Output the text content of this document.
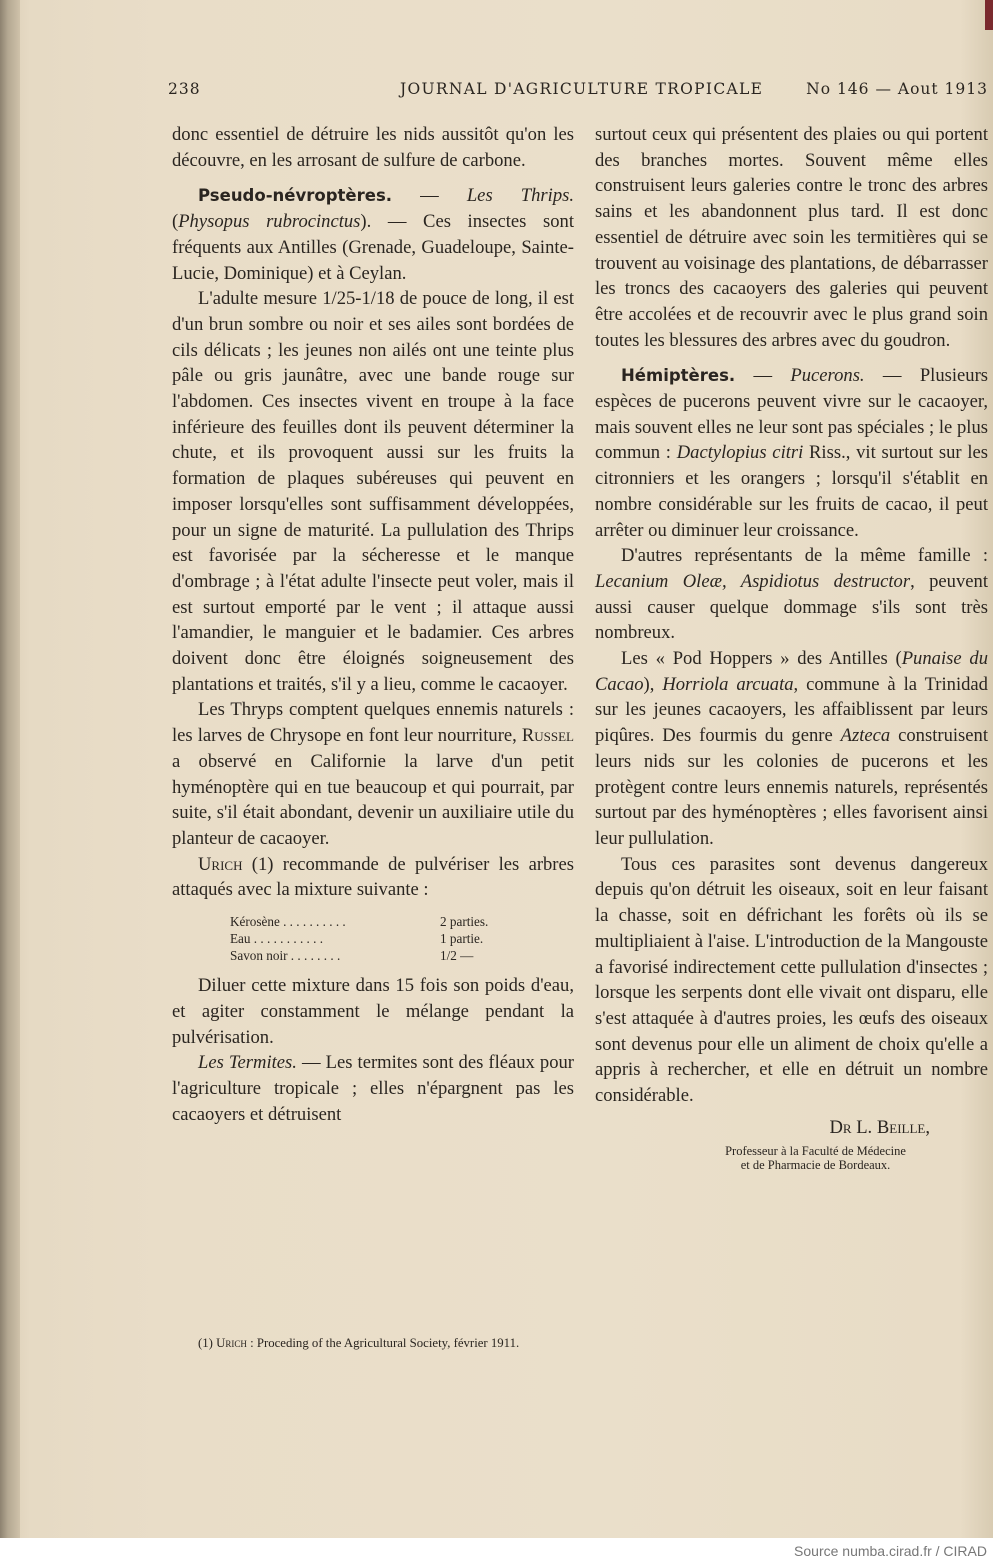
238	JOURNAL D'AGRICULTURE TROPICALE	No 146 — Aout 1913

donc essentiel de détruire les nids aussitôt qu'on les découvre, en les arrosant de sulfure de carbone.

Pseudo-névroptères. — Les Thrips. (Physopus rubrocinctus). — Ces insectes sont fréquents aux Antilles (Grenade, Guadeloupe, Sainte-Lucie, Dominique) et à Ceylan.

L'adulte mesure 1/25-1/18 de pouce de long, il est d'un brun sombre ou noir et ses ailes sont bordées de cils délicats ; les jeunes non ailés ont une teinte plus pâle ou gris jaunâtre, avec une bande rouge sur l'abdomen. Ces insectes vivent en troupe à la face inférieure des feuilles dont ils peuvent déterminer la chute, et ils provoquent aussi sur les fruits la formation de plaques subéreuses qui peuvent en imposer lorsqu'elles sont suffisamment développées, pour un signe de maturité. La pullulation des Thrips est favorisée par la sécheresse et le manque d'ombrage ; à l'état adulte l'insecte peut voler, mais il est surtout emporté par le vent ; il attaque aussi l'amandier, le manguier et le badamier. Ces arbres doivent donc être éloignés soigneusement des plantations et traités, s'il y a lieu, comme le cacaoyer.

Les Thryps comptent quelques ennemis naturels : les larves de Chrysope en font leur nourriture, Russel a observé en Californie la larve d'un petit hyménoptère qui en tue beaucoup et qui pourrait, par suite, s'il était abondant, devenir un auxiliaire utile du planteur de cacaoyer.

Urich (1) recommande de pulvériser les arbres attaqués avec la mixture suivante :

Kérosène . . . . . . . . . .	2 parties.
Eau . . . . . . . . . . .	1 partie.
Savon noir . . . . . . . .	1/2 —

Diluer cette mixture dans 15 fois son poids d'eau, et agiter constamment le mélange pendant la pulvérisation.

Les Termites. — Les termites sont des fléaux pour l'agriculture tropicale ; elles n'épargnent pas les cacaoyers et détruisent

(1) Urich : Proceding of the Agricultural Society, février 1911.

surtout ceux qui présentent des plaies ou qui portent des branches mortes. Souvent même elles construisent leurs galeries contre le tronc des arbres sains et les abandonnent plus tard. Il est donc essentiel de détruire avec soin les termitières qui se trouvent au voisinage des plantations, de débarrasser les troncs des cacaoyers des galeries qui peuvent être accolées et de recouvrir avec le plus grand soin toutes les blessures des arbres avec du goudron.

Hémiptères. — Pucerons. — Plusieurs espèces de pucerons peuvent vivre sur le cacaoyer, mais souvent elles ne leur sont pas spéciales ; le plus commun : Dactylopius citri Riss., vit surtout sur les citronniers et les orangers ; lorsqu'il s'établit en nombre considérable sur les fruits de cacao, il peut arrêter ou diminuer leur croissance.

D'autres représentants de la même famille : Lecanium Oleæ, Aspidiotus destructor, peuvent aussi causer quelque dommage s'ils sont très nombreux.

Les « Pod Hoppers » des Antilles (Punaise du Cacao), Horriola arcuata, commune à la Trinidad sur les jeunes cacaoyers, les affaiblissent par leurs piqûres. Des fourmis du genre Azteca construisent leurs nids sur les colonies de pucerons et les protègent contre leurs ennemis naturels, représentés surtout par des hyménoptères ; elles favorisent ainsi leur pullulation.

Tous ces parasites sont devenus dangereux depuis qu'on détruit les oiseaux, soit en leur faisant la chasse, soit en défrichant les forêts où ils se multipliaient à l'aise. L'introduction de la Mangouste a favorisé indirectement cette pullulation d'insectes ; lorsque les serpents dont elle vivait ont disparu, elle s'est attaquée à d'autres proies, les œufs des oiseaux sont devenus pour elle un aliment de choix qu'elle a appris à rechercher, et elle en détruit un nombre considérable.

Dr L. Beille,
Professeur à la Faculté de Médecine
et de Pharmacie de Bordeaux.
Source numba.cirad.fr / CIRAD
